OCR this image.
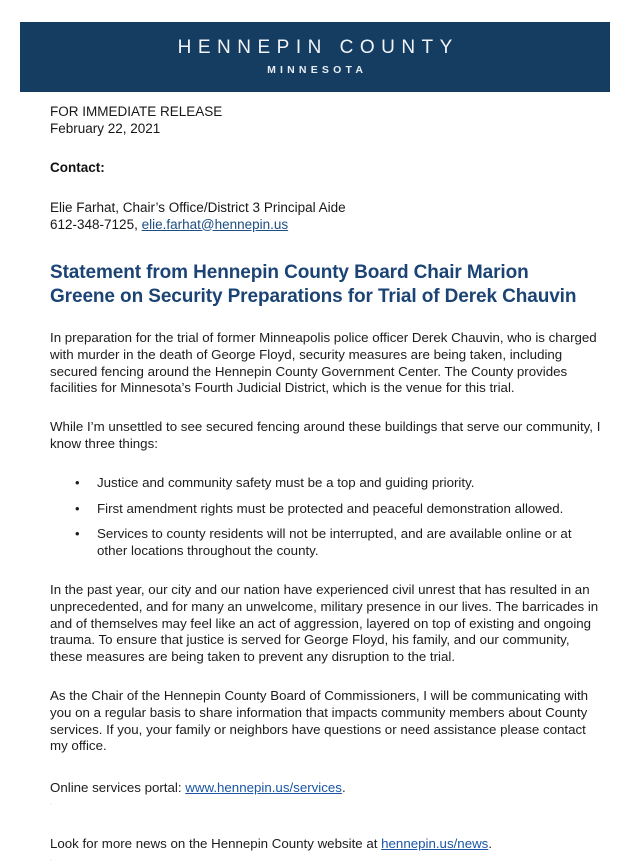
HENNEPIN COUNTY
MINNESOTA
FOR IMMEDIATE RELEASE
February 22, 2021
Contact:
Elie Farhat, Chair’s Office/District 3 Principal Aide
612-348-7125, elie.farhat@hennepin.us
Statement from Hennepin County Board Chair Marion Greene on Security Preparations for Trial of Derek Chauvin

In preparation for the trial of former Minneapolis police officer Derek Chauvin, who is charged with murder in the death of George Floyd, security measures are being taken, including secured fencing around the Hennepin County Government Center. The County provides facilities for Minnesota’s Fourth Judicial District, which is the venue for this trial.

While I’m unsettled to see secured fencing around these buildings that serve our community, I know three things:

• Justice and community safety must be a top and guiding priority.
• First amendment rights must be protected and peaceful demonstration allowed.
• Services to county residents will not be interrupted, and are available online or at other locations throughout the county.

In the past year, our city and our nation have experienced civil unrest that has resulted in an unprecedented, and for many an unwelcome, military presence in our lives. The barricades in and of themselves may feel like an act of aggression, layered on top of existing and ongoing trauma. To ensure that justice is served for George Floyd, his family, and our community, these measures are being taken to prevent any disruption to the trial.

As the Chair of the Hennepin County Board of Commissioners, I will be communicating with you on a regular basis to share information that impacts community members about County services. If you, your family or neighbors have questions or need assistance please contact my office.

Online services portal: www.hennepin.us/services.

·

Look for more news on the Hennepin County website at hennepin.us/news.

·
